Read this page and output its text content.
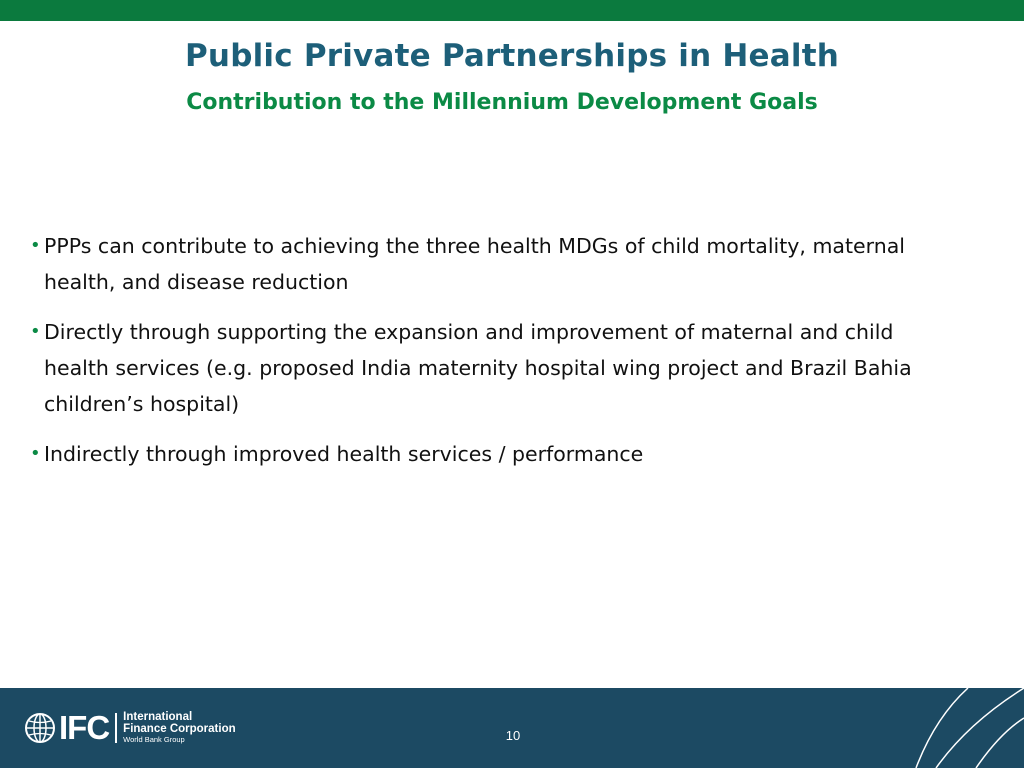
Public Private Partnerships in Health
Contribution to the Millennium Development Goals
• PPPs can contribute to achieving the three health MDGs of child mortality, maternal health, and disease reduction
• Directly through supporting the expansion and improvement of maternal and child health services (e.g. proposed India maternity hospital wing project and Brazil Bahia children’s hospital)
• Indirectly through improved health services / performance
IFC International
Finance Corporation
World Bank Group	10
